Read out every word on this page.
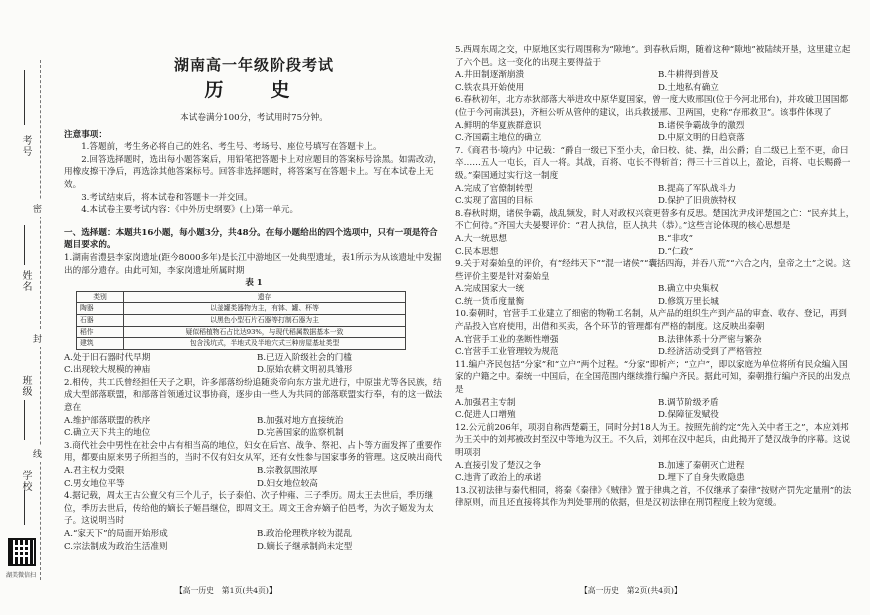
考号
密
姓名
封
班级
线
学校
湖美微信扫
湖南高一年级阶段考试
历　史
本试卷满分100分，考试用时75分钟。
注意事项：
1.答题前，考生务必将自己的姓名、考生号、考场号、座位号填写在答题卡上。
2.回答选择题时，选出每小题答案后，用铅笔把答题卡上对应题目的答案标号涂黑。如需改动，用橡皮擦干净后，再选涂其他答案标号。回答非选择题时，将答案写在答题卡上。写在本试卷上无效。
3.考试结束后，将本试卷和答题卡一并交回。
4.本试卷主要考试内容：《中外历史纲要》(上)第一单元。
一、选择题：本题共16小题，每小题3分，共48分。在每小题给出的四个选项中，只有一项是符合题目要求的。
1.湖南省澧县李家岗遗址(距今8000多年)是长江中游地区一处典型遗址，表1所示为从该遗址中发掘出的部分遗存。由此可知，李家岗遗址所属时期
表 1
类别	遗存
陶器	以釜罐类器物为主，有钵、罐、杯等
石器	以黑色小型石片石器等打制石器为主
稻作	疑似稻植物石占比达93%，与现代稻属数据基本一致
建筑	包含浅坑式，半地式及半地穴式三种房屋基址类型
A.处于旧石器时代早期	B.已迈入阶级社会的门槛
C.出现较大规模的神庙	D.原始农耕文明初具雏形
2.相传，共工氏曾经担任天子之职，许多部落纷纷追随炎帝向东方蚩尤进行，中原蚩尤等各民族，结成大型部落联盟，和部落首领通过议事协商，逐步由一些人为共同的部落联盟实行奉，有的这一做法意在
A.维护部落联盟的秩序	B.加强对地方直接统治
C.确立天下共主的地位	D.完善国家的监察机制
3.商代社会中男性在社会中占有相当高的地位，妇女在后宫、战争、祭祀、占卜等方面发挥了重要作用，都要由原来男子所担当的，当时不仅有妇女从军，还有女性参与国家事务的管理。这反映出商代
A.君主权力受限	B.宗教氛围浓厚
C.男女地位平等	D.妇女地位较高
4.据记载，周太王古公亶父有三个儿子，长子泰伯、次子仲雍、三子季历。周太王去世后，季历继位，季历去世后，传给他的嫡长子姬昌继位，即周文王。周文王舍弃嫡子伯邑考，为次子姬发为太子。这说明当时
A.“家天下”的局面开始形成	B.政治伦理秩序较为混乱
C.宗法制成为政治生活准则	D.嫡长子继承制尚未定型
5.西周东周之交，中原地区实行周围称为“隙地”。到春秋后期，随着这种“隙地”被陆续开垦，这里建立起了六个邑。这一变化的出现主要得益于
A.井田制逐渐崩溃	B.牛耕得到普及
C.铁农具开始使用	D.土地私有确立
6.春秋初年，北方赤狄部落大举进攻中原华夏国家，曾一度大败邢国(位于今河北邢台)，并攻破卫国国都(位于今河南淇县)，齐桓公听从管仲的建议，出兵救援邢、卫两国，史称“存邢救卫”。该事件体现了
A.鲜明的华夏族群意识	B.诸侯争霸战争的激烈
C.齐国霸主地位的确立	D.中原文明的日趋衰落
7.《商君书·境内》中记载：“爵自一级已下至小夫，命曰校、徒、操，出公爵；自二级已上至不更，命曰卒……五人一屯长，百人一将。其战，百将、屯长不得斩首；得三十三首以上，盈论，百将、屯长赐爵一级。”秦国通过实行这一制度
A.完成了官僚制转型	B.提高了军队战斗力
C.实现了富国的目标	D.保护了旧贵族特权
8.春秋时期，诸侯争霸，战乱频发，时人对政权兴衰更替多有反思。楚国沈尹戌评楚国之亡：“民弃其上，不亡何待。”齐国大夫晏婴评价：“君人执信，臣人执共（恭）。”这些言论体现的核心思想是
A.大一统思想	B.“非攻”
C.民本思想	D.“仁政”
9.关于对秦始皇的评价，有“经纬天下”“混一诸侯”“囊括四海，并吞八荒”“六合之内，皇帝之土”之说。这些评价主要是针对秦始皇
A.完成国家大一统	B.确立中央集权
C.统一货币度量衡	D.修筑万里长城
10.秦朝时，官营手工业建立了细密的物勒工名制，从产品的组织生产到产品的审查、收存、登记，再到产品投入官府使用，出借和买卖，各个环节的管理都有严格的制度。这反映出秦朝
A.官营手工业的垄断性增强	B.法律体系十分严密与繁杂
C.官营手工业管理较为规范	D.经济活动受到了严格管控
11.编户齐民包括“分家”和“立户”两个过程。“分家”即析产；“立户”，即以家庭为单位将所有民众编入国家的户籍之中。秦统一中国后，在全国范围内继续推行编户齐民。据此可知，秦朝推行编户齐民的出发点是
A.加强君主专制	B.调节阶级矛盾
C.促进人口增殖	D.保障征发赋役
12.公元前206年，项羽自称西楚霸王，同时分封18人为王。按照先前约定“先入关中者王之”，本应刘邦为王关中的刘邦被改封至汉中等地为汉王。不久后，刘邦在汉中起兵，由此揭开了楚汉战争的序幕。这说明项羽
A.直接引发了楚汉之争	B.加速了秦朝灭亡进程
C.违背了政治上的承诺	D.埋下了自身失败隐患
13.汉初法律与秦代相同，将秦《秦律》《贼律》置于律典之首，不仅继承了秦律“按财产罚先定量刑”的法律原则，而且还直接将其作为判处罪刑的依据，但是汉初法律在刑罚程度上较为宽缓。
【高一历史　第1页(共4页)】	【高一历史　第2页(共4页)】
